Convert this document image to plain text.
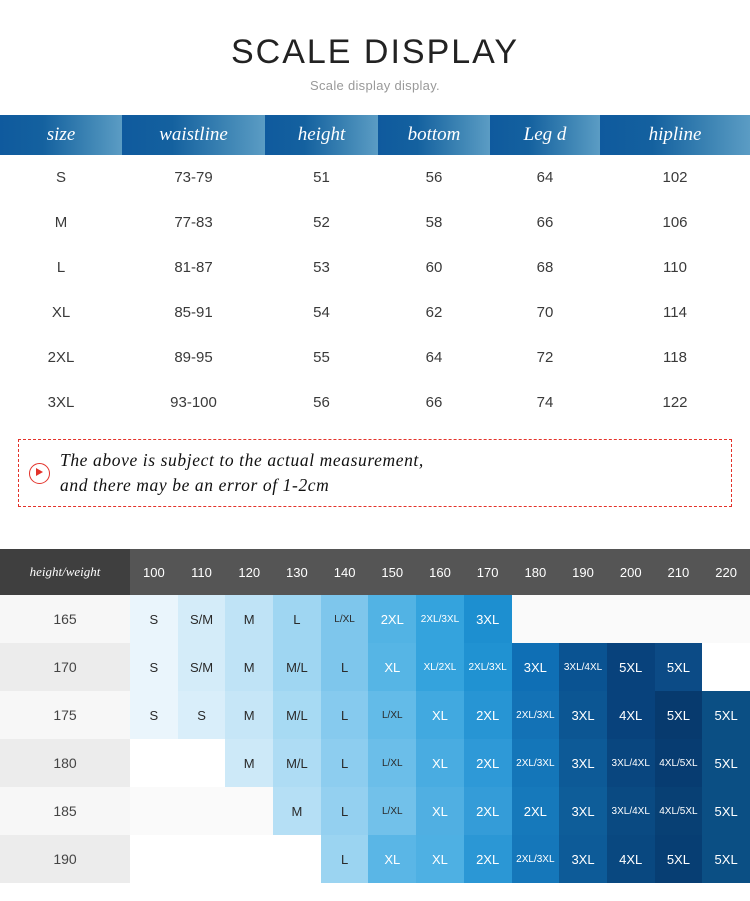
SCALE DISPLAY
Scale display display.
size	waistline	height	bottom	Leg d	hipline
S	73-79	51	56	64	102
M	77-83	52	58	66	106
L	81-87	53	60	68	110
XL	85-91	54	62	70	114
2XL	89-95	55	64	72	118
3XL	93-100	56	66	74	122
The above is subject to the actual measurement,
and there may be an error of 1-2cm
height/weight	100	110	120	130	140	150	160	170	180	190	200	210	220
165	S	S/M	M	L	L/XL	2XL	2XL/3XL	3XL					
170	S	S/M	M	M/L	L	XL	XL/2XL	2XL/3XL	3XL	3XL/4XL	5XL	5XL	
175	S	S	M	M/L	L	L/XL	XL	2XL	2XL/3XL	3XL	4XL	5XL	5XL
180			M	M/L	L	L/XL	XL	2XL	2XL/3XL	3XL	3XL/4XL	4XL/5XL	5XL
185				M	L	L/XL	XL	2XL	2XL	3XL	3XL/4XL	4XL/5XL	5XL
190					L	XL	XL	2XL	2XL/3XL	3XL	4XL	5XL	5XL
